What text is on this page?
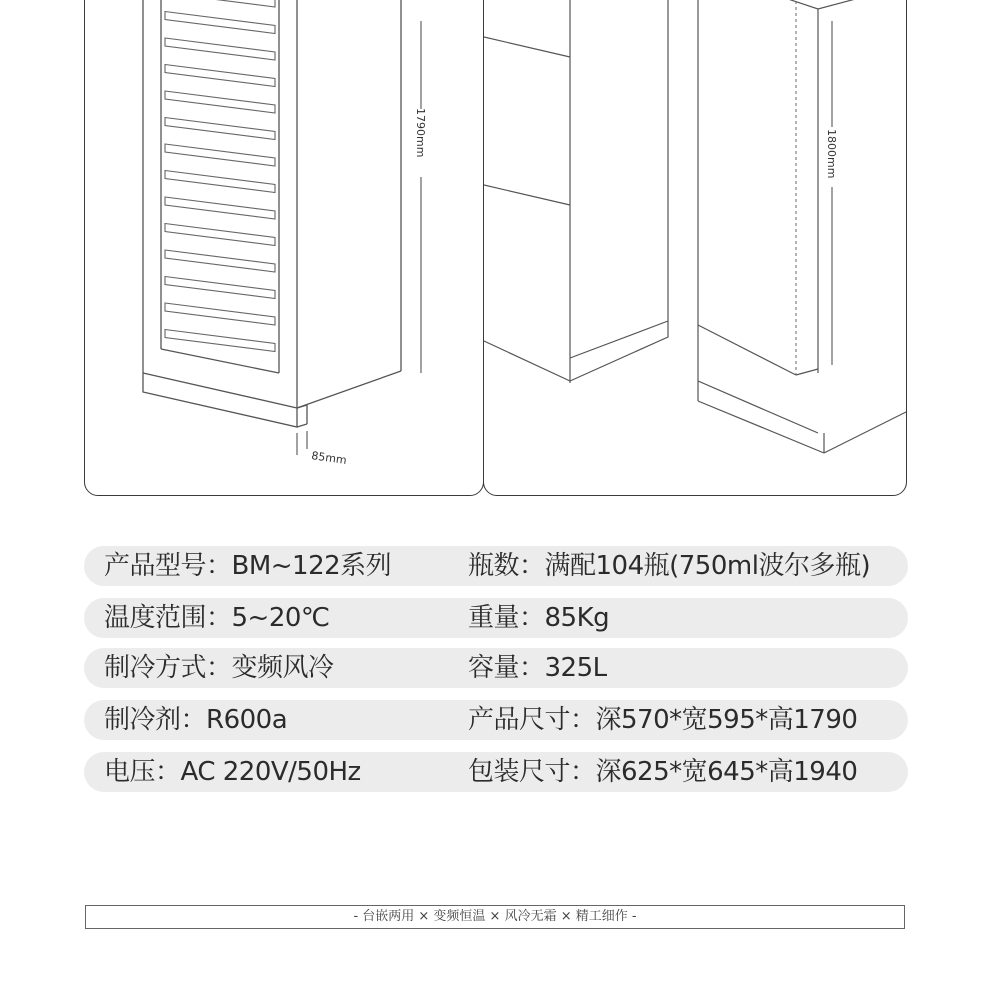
1790mm
85mm
1800mm
产品型号：BM~122系列	瓶数：满配104瓶(750ml波尔多瓶)
温度范围：5~20℃	重量：85Kg
制冷方式：变频风冷	容量：325L
制冷剂：R600a	产品尺寸：深570*宽595*高1790
电压：AC 220V/50Hz	包装尺寸：深625*宽645*高1940
- 台嵌两用 × 变频恒温 × 风冷无霜 × 精工细作 -
